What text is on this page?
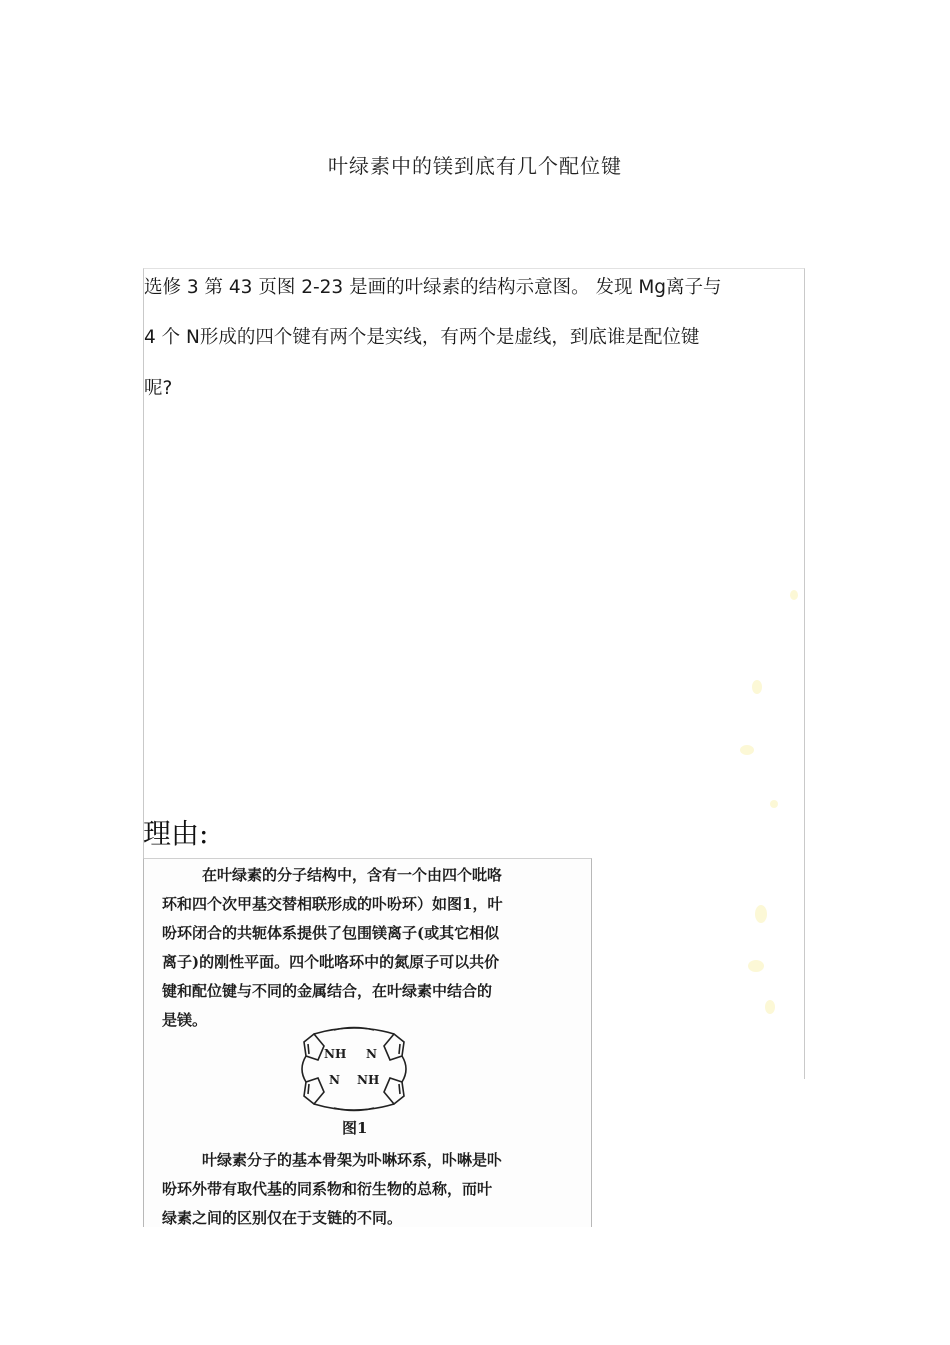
叶绿素中的镁到底有几个配位键
选修 3 第 43 页图 2-23 是画的叶绿素的结构示意图。 发现 Mg离子与
4 个 N形成的四个键有两个是实线，有两个是虚线，到底谁是配位键
呢?
理由:
在叶绿素的分子结构中，含有一个由四个吡咯
环和四个次甲基交替相联形成的卟吩环）如图1，叶
吩环闭合的共轭体系提供了包围镁离子(或其它相似
离子)的刚性平面。四个吡咯环中的氮原子可以共价
键和配位键与不同的金属结合，在叶绿素中结合的
是镁。
NH N
N NH
图1
叶绿素分子的基本骨架为卟啉环系，卟啉是卟
吩环外带有取代基的同系物和衍生物的总称，而叶
绿素之间的区别仅在于支链的不同。
